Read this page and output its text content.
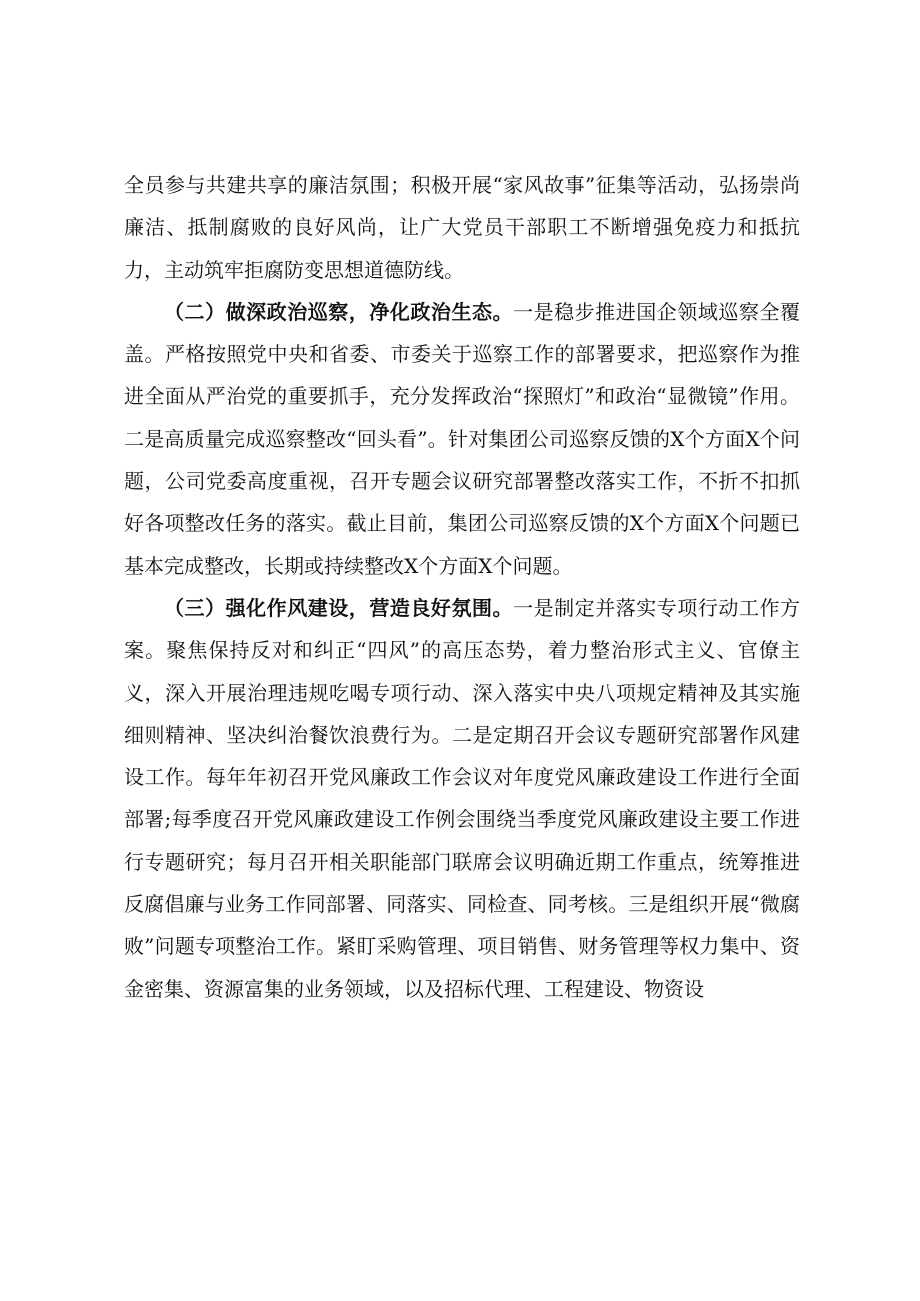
全员参与共建共享的廉洁氛围；积极开展“家风故事”征集等活动，弘扬崇尚廉洁、抵制腐败的良好风尚，让广大党员干部职工不断增强免疫力和抵抗力，主动筑牢拒腐防变思想道德防线。

（二）做深政治巡察，净化政治生态。一是稳步推进国企领域巡察全覆盖。严格按照党中央和省委、市委关于巡察工作的部署要求，把巡察作为推进全面从严治党的重要抓手，充分发挥政治“探照灯”和政治“显微镜”作用。二是高质量完成巡察整改“回头看”。针对集团公司巡察反馈的X个方面X个问题，公司党委高度重视，召开专题会议研究部署整改落实工作，不折不扣抓好各项整改任务的落实。截止目前，集团公司巡察反馈的X个方面X个问题已基本完成整改，长期或持续整改X个方面X个问题。

（三）强化作风建设，营造良好氛围。一是制定并落实专项行动工作方案。聚焦保持反对和纠正“四风”的高压态势，着力整治形式主义、官僚主义，深入开展治理违规吃喝专项行动、深入落实中央八项规定精神及其实施细则精神、坚决纠治餐饮浪费行为。二是定期召开会议专题研究部署作风建设工作。每年年初召开党风廉政工作会议对年度党风廉政建设工作进行全面部署;每季度召开党风廉政建设工作例会围绕当季度党风廉政建设主要工作进行专题研究；每月召开相关职能部门联席会议明确近期工作重点，统筹推进反腐倡廉与业务工作同部署、同落实、同检查、同考核。三是组织开展“微腐败”问题专项整治工作。紧盯采购管理、项目销售、财务管理等权力集中、资金密集、资源富集的业务领域，以及招标代理、工程建设、物资设
